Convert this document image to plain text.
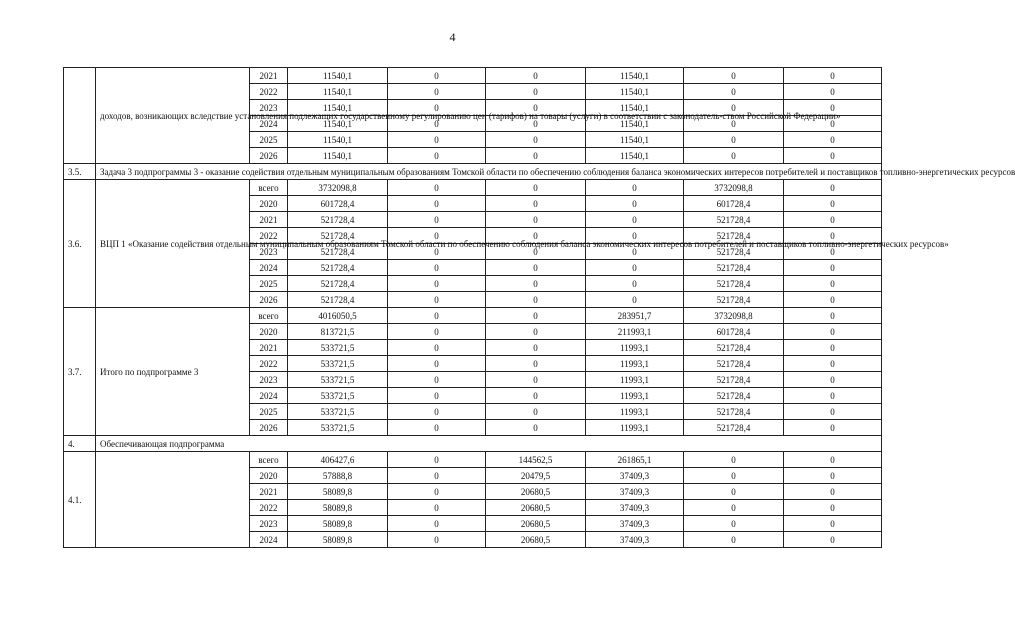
4
	доходов, возникающих вследствие установления подлежащих государственному регулированию цен (тарифов) на товары (услуги) в соответствии с законодатель-ством Российской Федерации»	2021	11540,1	0	0	11540,1	0	0
		2022	11540,1	0	0	11540,1	0	0
		2023	11540,1	0	0	11540,1	0	0
		2024	11540,1	0	0	11540,1	0	0
		2025	11540,1	0	0	11540,1	0	0
		2026	11540,1	0	0	11540,1	0	0
3.5.	Задача 3 подпрограммы 3 - оказание содействия отдельным муниципальным образованиям Томской области по обеспечению соблюдения баланса экономических интересов потребителей и поставщиков топливно-энергетических ресурсов							
3.6.	ВЦП 1 «Оказание содействия отдельным муниципальным образованиям Томской области по обеспечению соблюдения баланса экономических интересов потребителей и поставщиков топливно-энергетических ресурсов»	всего	3732098,8	0	0	0	3732098,8	0
		2020	601728,4	0	0	0	601728,4	0
		2021	521728,4	0	0	0	521728,4	0
		2022	521728,4	0	0	0	521728,4	0
		2023	521728,4	0	0	0	521728,4	0
		2024	521728,4	0	0	0	521728,4	0
		2025	521728,4	0	0	0	521728,4	0
		2026	521728,4	0	0	0	521728,4	0
3.7.	Итого по подпрограмме 3	всего	4016050,5	0	0	283951,7	3732098,8	0
		2020	813721,5	0	0	211993,1	601728,4	0
		2021	533721,5	0	0	11993,1	521728,4	0
		2022	533721,5	0	0	11993,1	521728,4	0
		2023	533721,5	0	0	11993,1	521728,4	0
		2024	533721,5	0	0	11993,1	521728,4	0
		2025	533721,5	0	0	11993,1	521728,4	0
		2026	533721,5	0	0	11993,1	521728,4	0
4.	Обеспечивающая подпрограмма							
4.1.		всего	406427,6	0	144562,5	261865,1	0	0
		2020	57888,8	0	20479,5	37409,3	0	0
		2021	58089,8	0	20680,5	37409,3	0	0
		2022	58089,8	0	20680,5	37409,3	0	0
		2023	58089,8	0	20680,5	37409,3	0	0
		2024	58089,8	0	20680,5	37409,3	0	0
